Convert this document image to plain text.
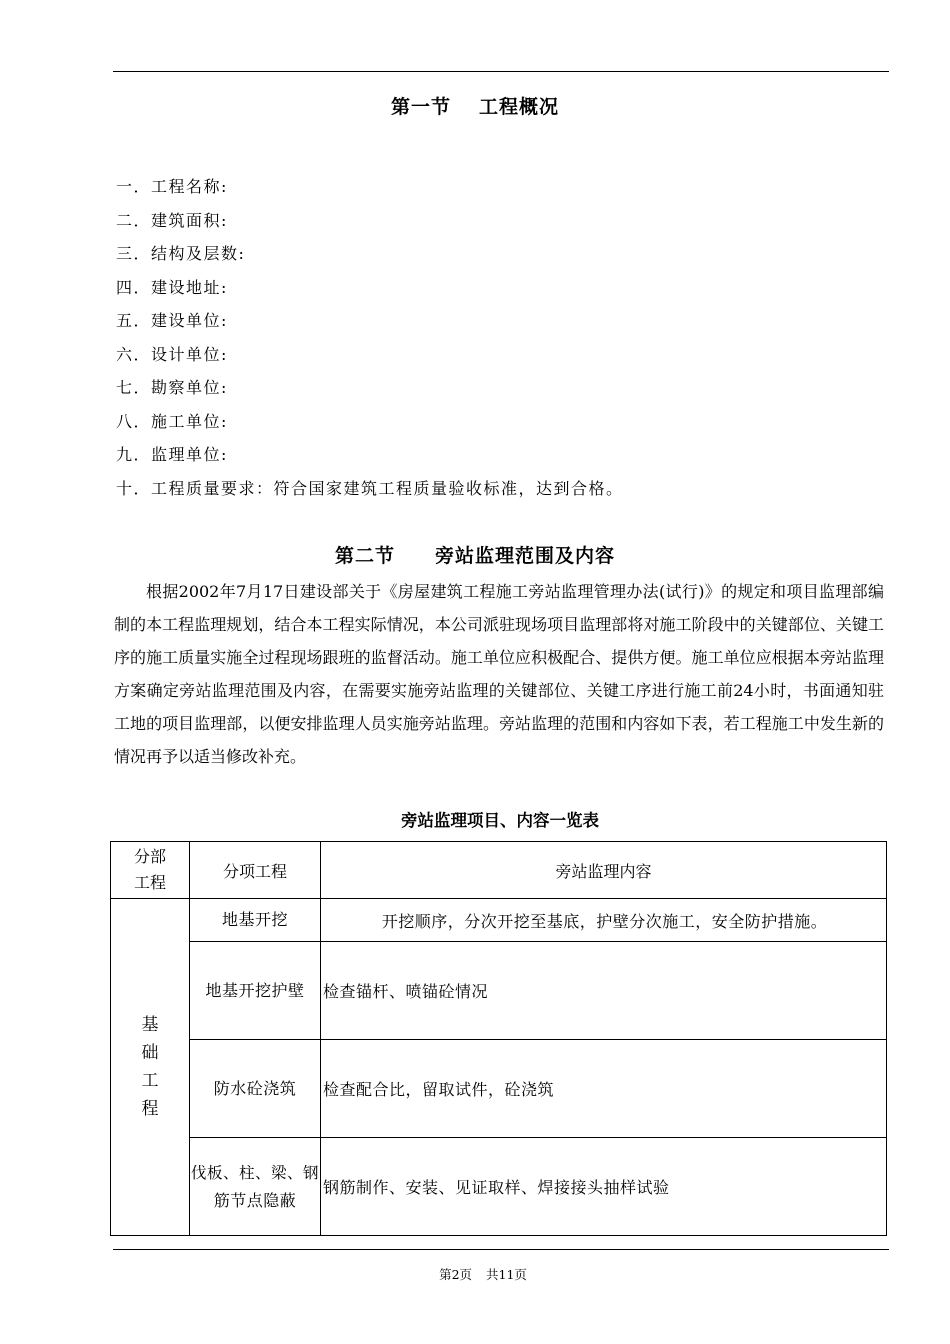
第一节 工程概况
一．工程名称:
二．建筑面积:
三．结构及层数:
四．建设地址:
五．建设单位:
六．设计单位:
七．勘察单位:
八．施工单位:
九．监理单位:
十．工程质量要求：符合国家建筑工程质量验收标准，达到合格。
第二节 旁站监理范围及内容
根据2002年7月17日建设部关于《房屋建筑工程施工旁站监理管理办法(试行)》的规定和项目监理部编制的本工程监理规划，结合本工程实际情况，本公司派驻现场项目监理部将对施工阶段中的关键部位、关键工序的施工质量实施全过程现场跟班的监督活动。施工单位应积极配合、提供方便。施工单位应根据本旁站监理方案确定旁站监理范围及内容，在需要实施旁站监理的关键部位、关键工序进行施工前24小时，书面通知驻工地的项目监理部，以便安排监理人员实施旁站监理。旁站监理的范围和内容如下表，若工程施工中发生新的情况再予以适当修改补充。
旁站监理项目、内容一览表
分部
工程	分项工程	旁站监理内容

基
础
工
程	地基开挖	开挖顺序，分次开挖至基底，护壁分次施工，安全防护措施。
	地基开挖护壁	检查锚杆、喷锚砼情况
	防水砼浇筑	检查配合比，留取试件，砼浇筑

	伐板、柱、梁、钢
筋节点隐蔽	钢筋制作、安装、见证取样、焊接接头抽样试验
第2页 共11页
